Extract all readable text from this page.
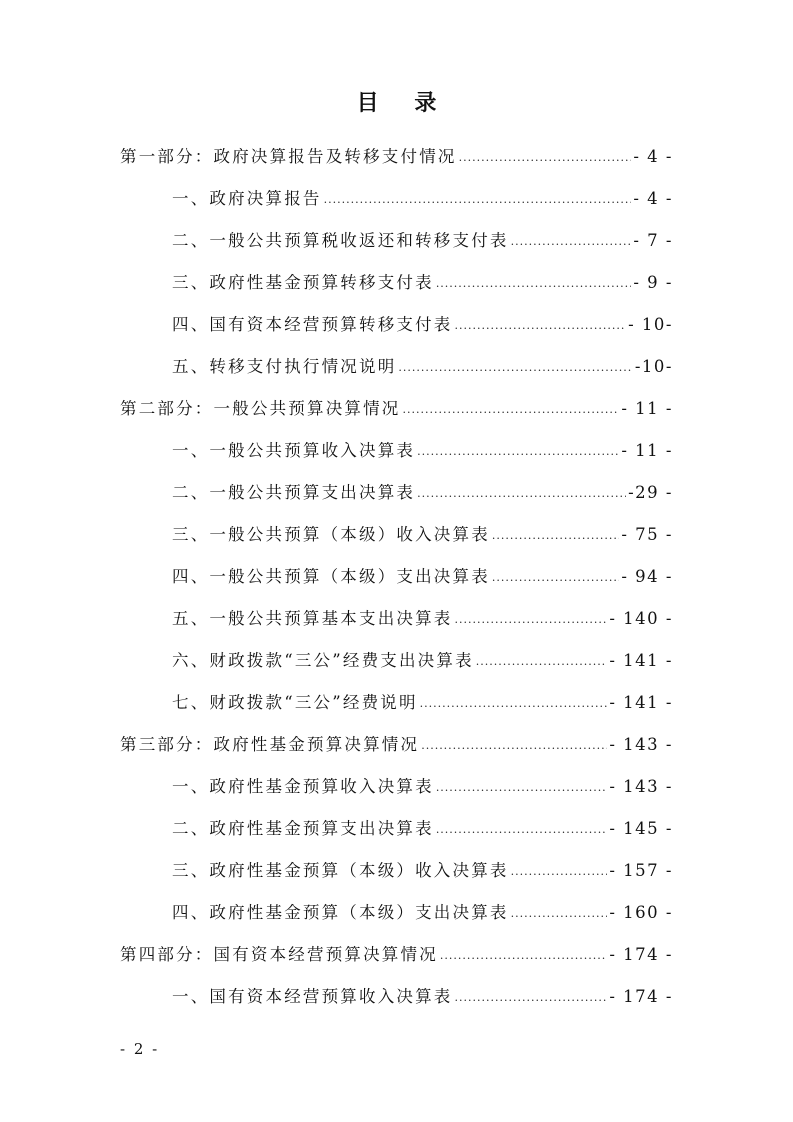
目 录
第一部分：政府决算报告及转移支付情况 .....	- 4 -
一、政府决算报告 .....	- 4 -
二、一般公共预算税收返还和转移支付表 .....	- 7 -
三、政府性基金预算转移支付表 .....	- 9 -
四、国有资本经营预算转移支付表 .....	- 10-
五、转移支付执行情况说明 .....	-10-
第二部分：一般公共预算决算情况 .....	- 11 -
一、一般公共预算收入决算表 .....	- 11 -
二、一般公共预算支出决算表 .....	-29 -
三、一般公共预算（本级）收入决算表 .....	- 75 -
四、一般公共预算（本级）支出决算表 .....	- 94 -
五、一般公共预算基本支出决算表 .....	- 140 -
六、财政拨款“三公”经费支出决算表 .....	- 141 -
七、财政拨款“三公”经费说明 .....	- 141 -
第三部分：政府性基金预算决算情况 .....	- 143 -
一、政府性基金预算收入决算表 .....	- 143 -
二、政府性基金预算支出决算表 .....	- 145 -
三、政府性基金预算（本级）收入决算表 .....	- 157 -
四、政府性基金预算（本级）支出决算表 .....	- 160 -
第四部分：国有资本经营预算决算情况 .....	- 174 -
一、国有资本经营预算收入决算表 .....	- 174 -
- 2 -
